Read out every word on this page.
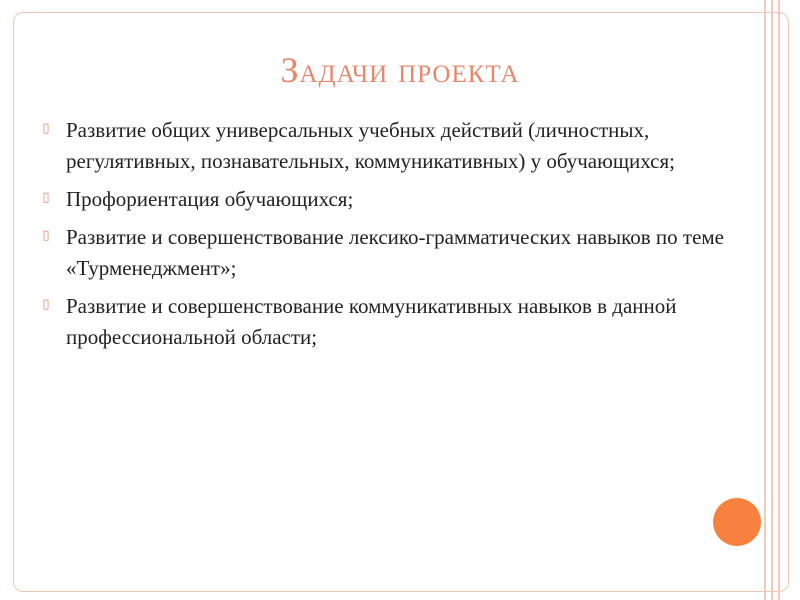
Задачи проекта
▯ Развитие общих универсальных учебных действий (личностных, регулятивных, познавательных, коммуникативных) у обучающихся;
▯ Профориентация обучающихся;
▯ Развитие и совершенствование лексико-грамматических навыков по теме «Турменеджмент»;
▯ Развитие и совершенствование коммуникативных навыков в данной профессиональной области;
